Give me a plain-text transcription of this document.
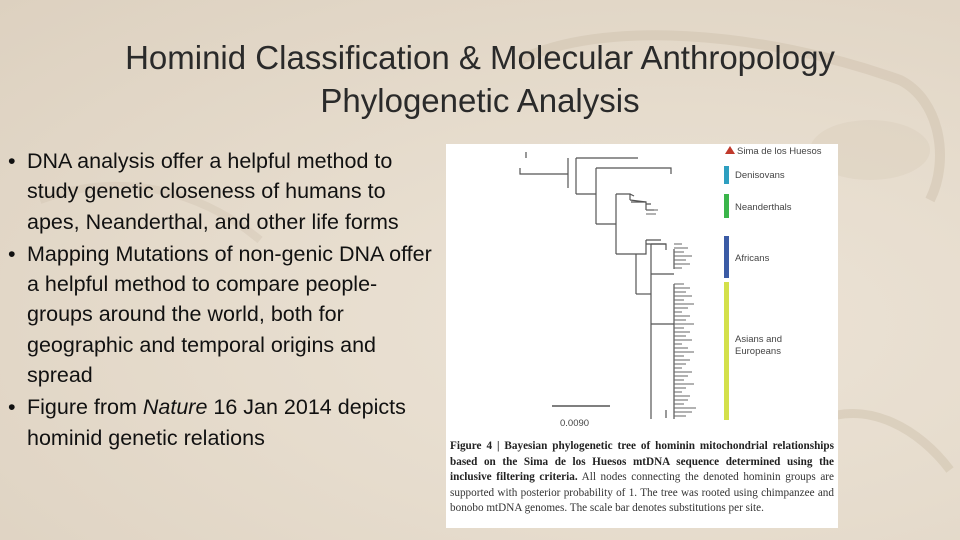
Hominid Classification & Molecular Anthropology
Phylogenetic Analysis
• DNA analysis offer a helpful method to study genetic closeness of humans to apes, Neanderthal, and other life forms
• Mapping Mutations of non-genic DNA offer a helpful method to compare people-groups around the world, both for geographic and temporal origins and spread
• Figure from Nature 16 Jan 2014 depicts hominid genetic relations
Sima de los Huesos
Denisovans
Neanderthals
Africans
Asians and
Europeans
0.0090
Figure 4 | Bayesian phylogenetic tree of hominin mitochondrial relationships based on the Sima de los Huesos mtDNA sequence determined using the inclusive filtering criteria. All nodes connecting the denoted hominin groups are supported with posterior probability of 1. The tree was rooted using chimpanzee and bonobo mtDNA genomes. The scale bar denotes substitutions per site.
